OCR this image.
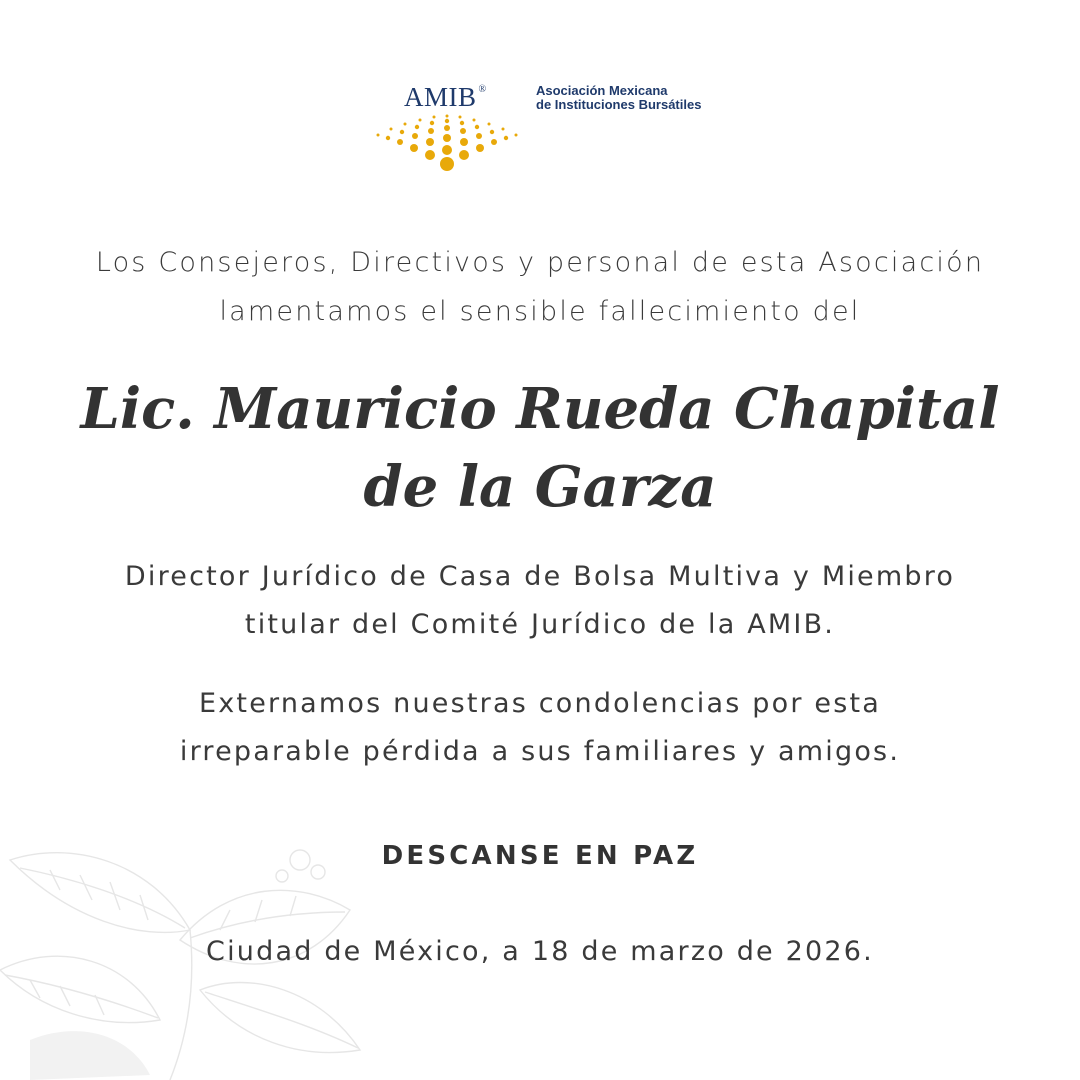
AMIB ®	Asociación Mexicana
de Instituciones Bursátiles
Los Consejeros, Directivos y personal de esta Asociación
lamentamos el sensible fallecimiento del
Lic. Mauricio Rueda Chapital
de la Garza
Director Jurídico de Casa de Bolsa Multiva y Miembro
titular del Comité Jurídico de la AMIB.
Externamos nuestras condolencias por esta
irreparable pérdida a sus familiares y amigos.
DESCANSE EN PAZ
Ciudad de México, a 18 de marzo de 2026.
